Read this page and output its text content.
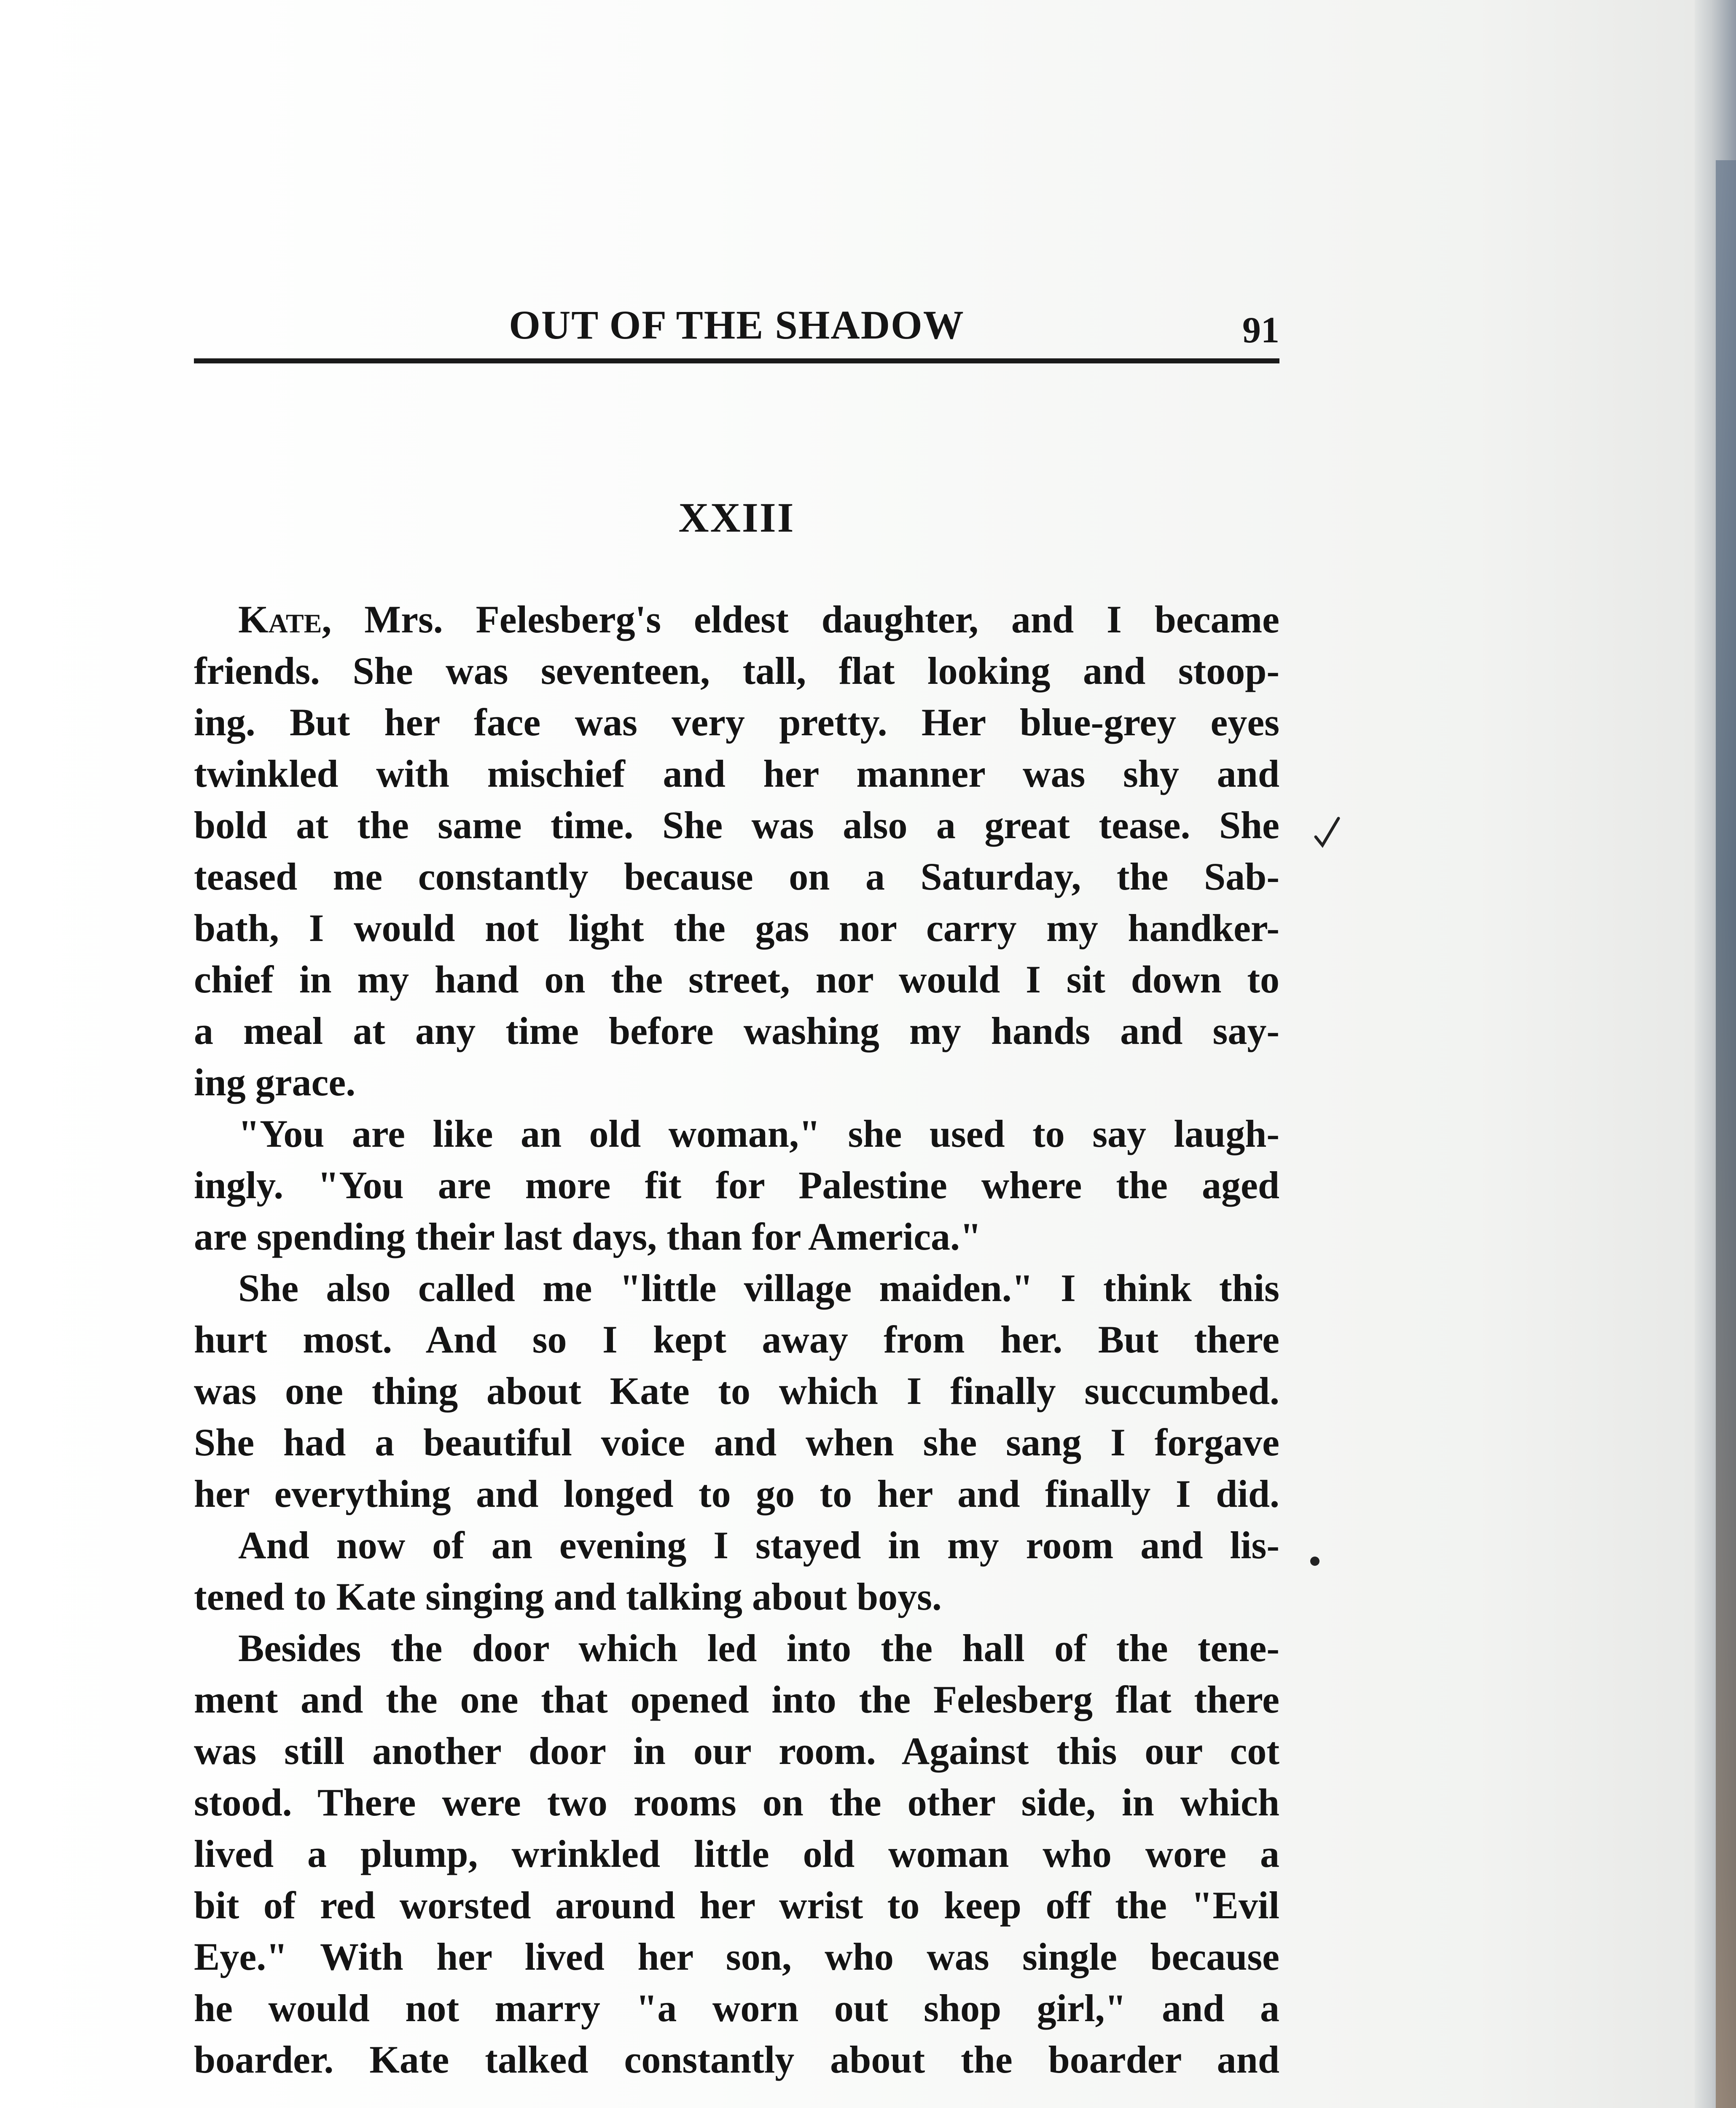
OUT OF THE SHADOW	91
XXIII
Kate, Mrs. Felesberg's eldest daughter, and I became
friends. She was seventeen, tall, flat looking and stoop-
ing. But her face was very pretty. Her blue-grey eyes
twinkled with mischief and her manner was shy and
bold at the same time. She was also a great tease. She
teased me constantly because on a Saturday, the Sab-
bath, I would not light the gas nor carry my handker-
chief in my hand on the street, nor would I sit down to
a meal at any time before washing my hands and say-
ing grace.
"You are like an old woman," she used to say laugh-
ingly. "You are more fit for Palestine where the aged
are spending their last days, than for America."
She also called me "little village maiden." I think this
hurt most. And so I kept away from her. But there
was one thing about Kate to which I finally succumbed.
She had a beautiful voice and when she sang I forgave
her everything and longed to go to her and finally I did.
And now of an evening I stayed in my room and lis-
tened to Kate singing and talking about boys.
Besides the door which led into the hall of the tene-
ment and the one that opened into the Felesberg flat there
was still another door in our room. Against this our cot
stood. There were two rooms on the other side, in which
lived a plump, wrinkled little old woman who wore a
bit of red worsted around her wrist to keep off the "Evil
Eye." With her lived her son, who was single because
he would not marry "a worn out shop girl," and a
boarder. Kate talked constantly about the boarder and
